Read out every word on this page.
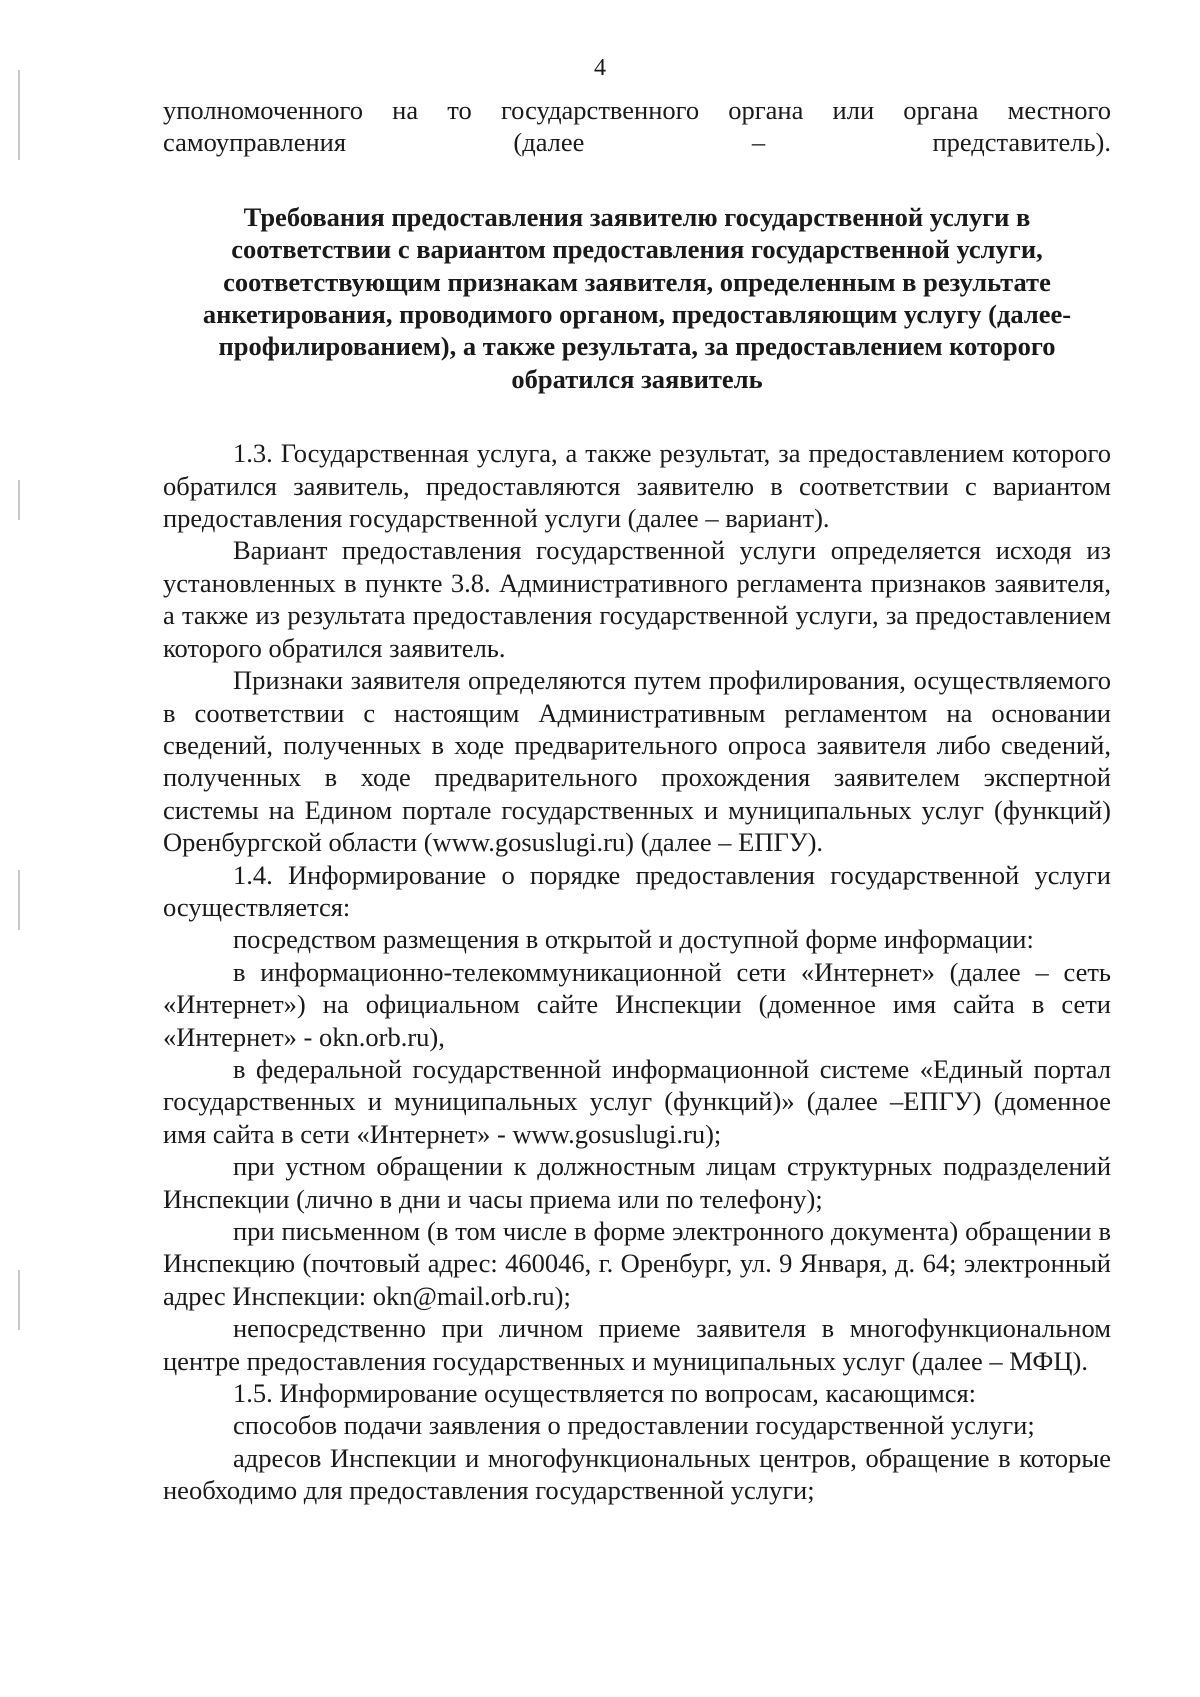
4

уполномоченного на то государственного органа или органа местного самоуправления (далее – представитель).

Требования предоставления заявителю государственной услуги в соответствии с вариантом предоставления государственной услуги, соответствующим признакам заявителя, определенным в результате анкетирования, проводимого органом, предоставляющим услугу (далее-профилированием), а также результата, за предоставлением которого обратился заявитель

1.3. Государственная услуга, а также результат, за предоставлением которого обратился заявитель, предоставляются заявителю в соответствии с вариантом предоставления государственной услуги (далее – вариант).

Вариант предоставления государственной услуги определяется исходя из установленных в пункте 3.8. Административного регламента признаков заявителя, а также из результата предоставления государственной услуги, за предоставлением которого обратился заявитель.

Признаки заявителя определяются путем профилирования, осуществляемого в соответствии с настоящим Административным регламентом на основании сведений, полученных в ходе предварительного опроса заявителя либо сведений, полученных в ходе предварительного прохождения заявителем экспертной системы на Едином портале государственных и муниципальных услуг (функций) Оренбургской области (www.gosuslugi.ru) (далее – ЕПГУ).

1.4. Информирование о порядке предоставления государственной услуги осуществляется:

посредством размещения в открытой и доступной форме информации:

в информационно-телекоммуникационной сети «Интернет» (далее – сеть «Интернет») на официальном сайте Инспекции (доменное имя сайта в сети «Интернет» - okn.orb.ru),

в федеральной государственной информационной системе «Единый портал государственных и муниципальных услуг (функций)» (далее –ЕПГУ) (доменное имя сайта в сети «Интернет» - www.gosuslugi.ru);

при устном обращении к должностным лицам структурных подразделений Инспекции (лично в дни и часы приема или по телефону);

при письменном (в том числе в форме электронного документа) обращении в Инспекцию (почтовый адрес: 460046, г. Оренбург, ул. 9 Января, д. 64; электронный адрес Инспекции: okn@mail.orb.ru);

непосредственно при личном приеме заявителя в многофункциональном центре предоставления государственных и муниципальных услуг (далее – МФЦ).

1.5. Информирование осуществляется по вопросам, касающимся:

способов подачи заявления о предоставлении государственной услуги;

адресов Инспекции и многофункциональных центров, обращение в которые необходимо для предоставления государственной услуги;
